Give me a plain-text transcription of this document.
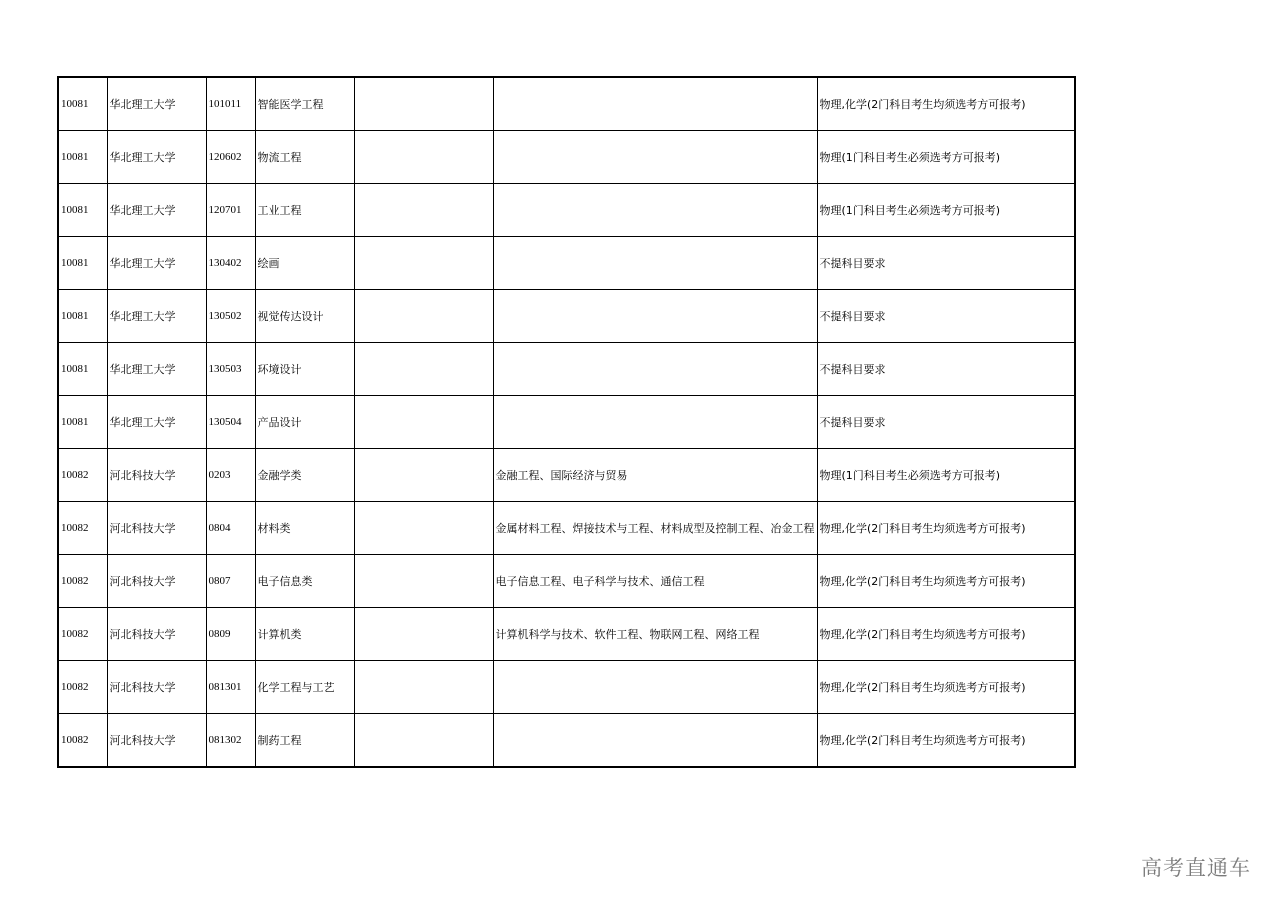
10081	华北理工大学	101011	智能医学工程			物理,化学(2门科目考生均须选考方可报考)
10081	华北理工大学	120602	物流工程			物理(1门科目考生必须选考方可报考)
10081	华北理工大学	120701	工业工程			物理(1门科目考生必须选考方可报考)
10081	华北理工大学	130402	绘画			不提科目要求
10081	华北理工大学	130502	视觉传达设计			不提科目要求
10081	华北理工大学	130503	环境设计			不提科目要求
10081	华北理工大学	130504	产品设计			不提科目要求
10082	河北科技大学	0203	金融学类		金融工程、国际经济与贸易	物理(1门科目考生必须选考方可报考)
10082	河北科技大学	0804	材料类		金属材料工程、焊接技术与工程、材料成型及控制工程、冶金工程	物理,化学(2门科目考生均须选考方可报考)
10082	河北科技大学	0807	电子信息类		电子信息工程、电子科学与技术、通信工程	物理,化学(2门科目考生均须选考方可报考)
10082	河北科技大学	0809	计算机类		计算机科学与技术、软件工程、物联网工程、网络工程	物理,化学(2门科目考生均须选考方可报考)
10082	河北科技大学	081301	化学工程与工艺			物理,化学(2门科目考生均须选考方可报考)
10082	河北科技大学	081302	制药工程			物理,化学(2门科目考生均须选考方可报考)
高考直通车
